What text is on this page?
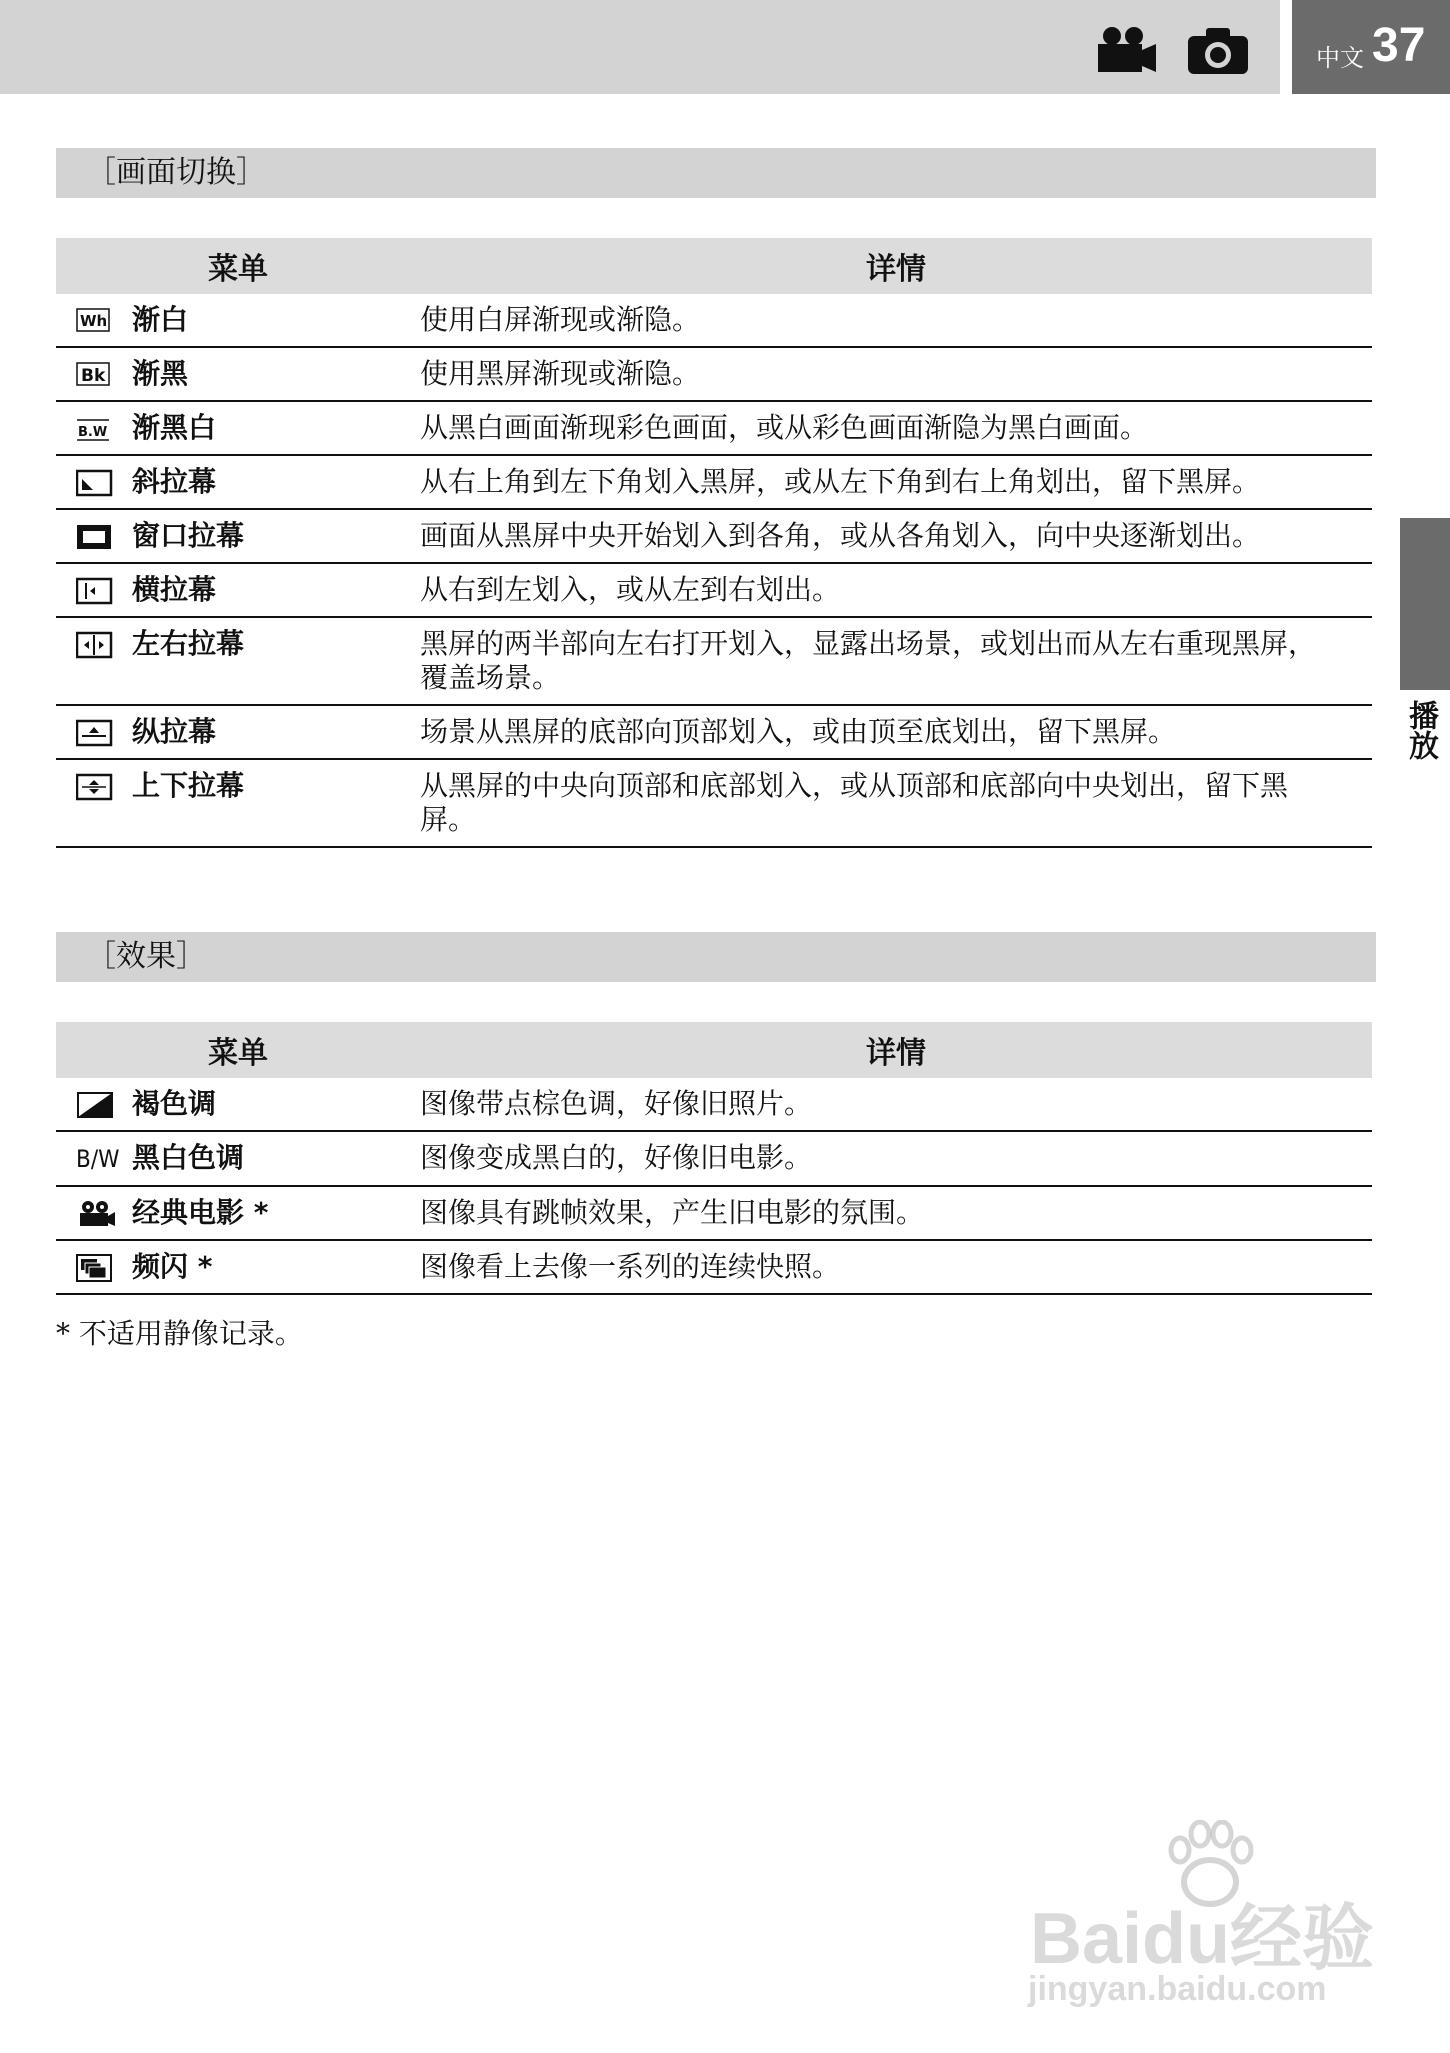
中文 37
播放
［画面切换］
菜单	详情

Wh 渐白	使用白屏渐现或渐隐。

Bk 渐黑	使用黑屏渐现或渐隐。

B.W 渐黑白	从黑白画面渐现彩色画面，或从彩色画面渐隐为黑白画面。

斜拉幕	从右上角到左下角划入黑屏，或从左下角到右上角划出，留下黑屏。

窗口拉幕	画面从黑屏中央开始划入到各角，或从各角划入，向中央逐渐划出。

横拉幕	从右到左划入，或从左到右划出。

左右拉幕	黑屏的两半部向左右打开划入，显露出场景，或划出而从左右重现黑屏，覆盖场景。

纵拉幕	场景从黑屏的底部向顶部划入，或由顶至底划出，留下黑屏。

上下拉幕	从黑屏的中央向顶部和底部划入，或从顶部和底部向中央划出，留下黑屏。
［效果］
菜单	详情

褐色调	图像带点棕色调，好像旧照片。
B/W 黑白色调	图像变成黑白的，好像旧电影。

经典电影 *	图像具有跳帧效果，产生旧电影的氛围。

频闪 *	图像看上去像一系列的连续快照。
* 不适用静像记录。
Baidu经验
jingyan.baidu.com
